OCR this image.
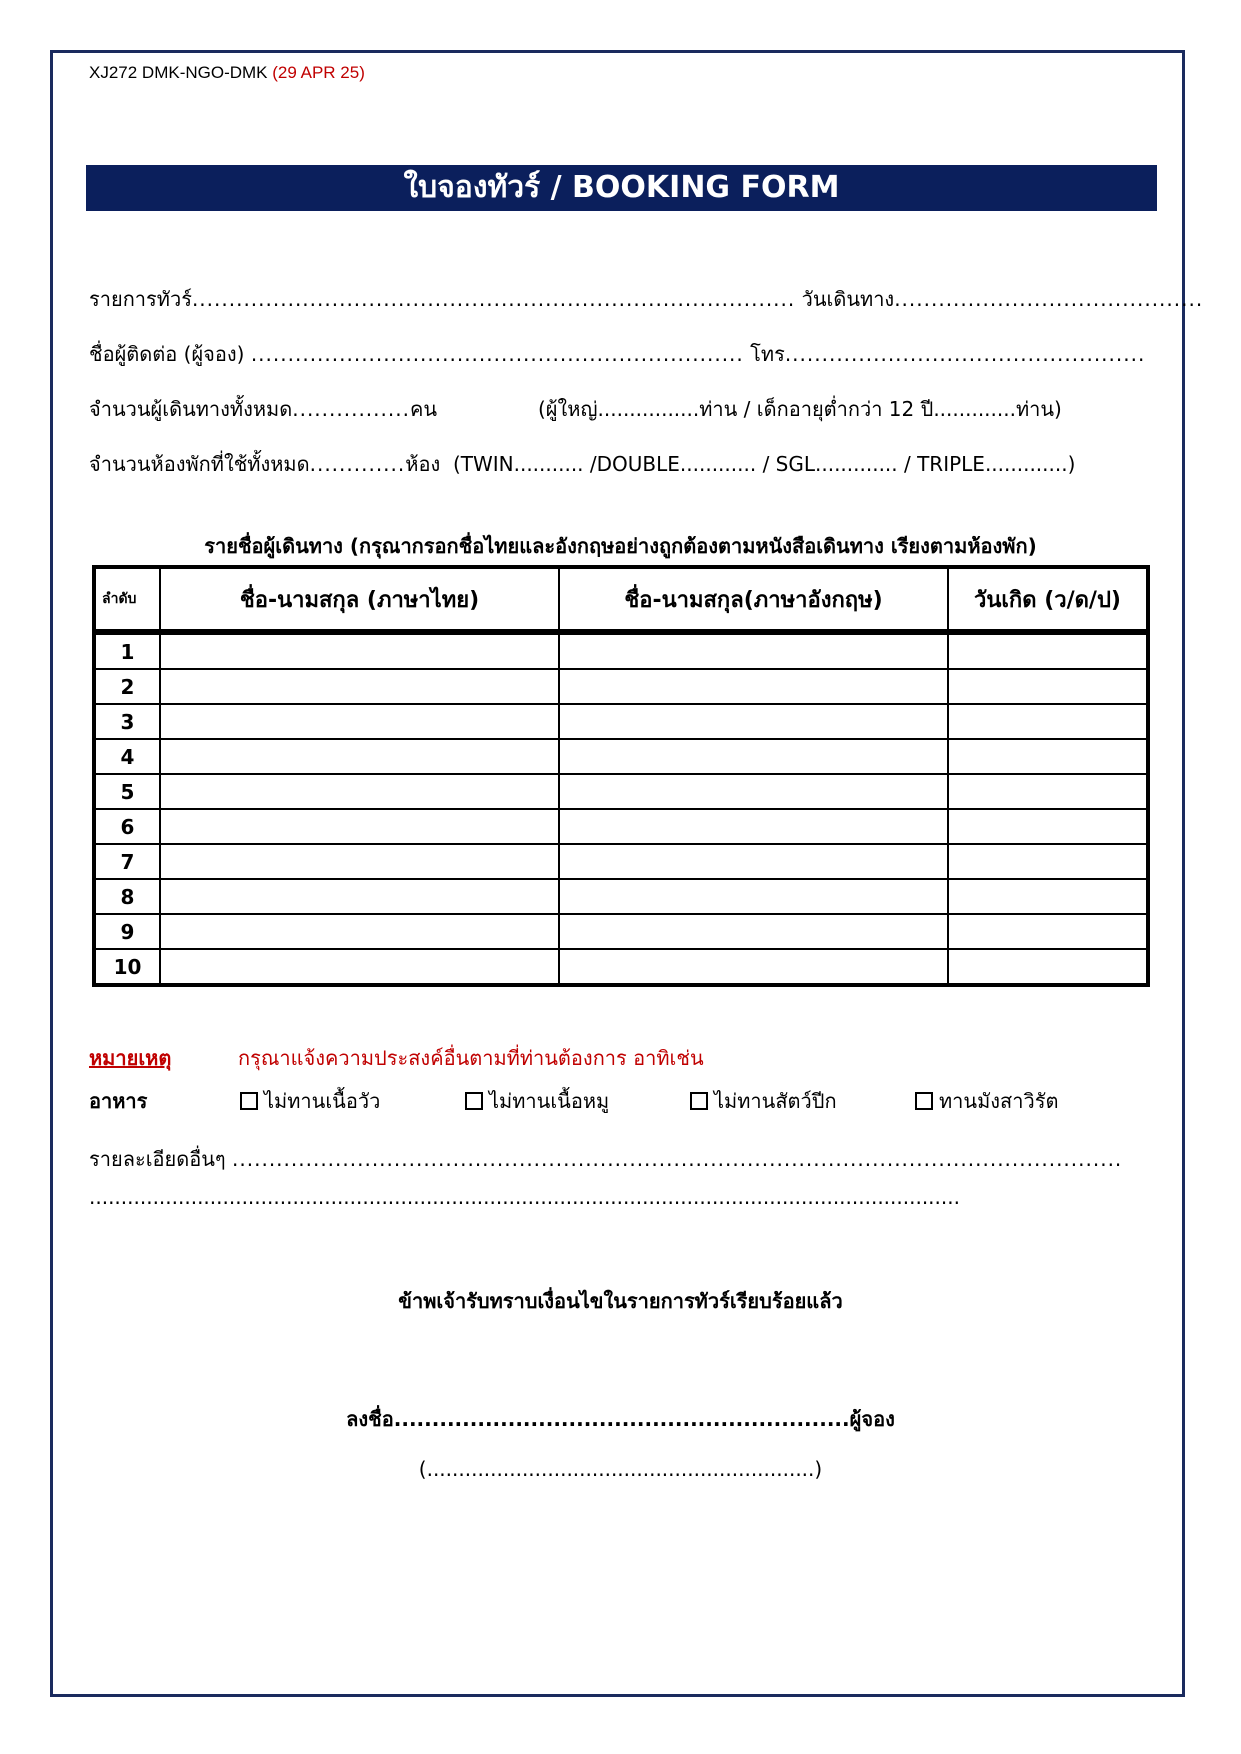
XJ272 DMK-NGO-DMK (29 APR 25)
ใบจองทัวร์ / BOOKING FORM
รายการทัวร์.................................................................................. วันเดินทาง..........................................
ชื่อผู้ติดต่อ (ผู้จอง) ................................................................... โทร.................................................
จำนวนผู้เดินทางทั้งหมด................คน	(ผู้ใหญ่................ท่าน / เด็กอายุต่ำกว่า 12 ปี.............ท่าน)
จำนวนห้องพักที่ใช้ทั้งหมด.............ห้อง (TWIN........... /DOUBLE............ / SGL............. / TRIPLE.............)
รายชื่อผู้เดินทาง (กรุณากรอกชื่อไทยและอังกฤษอย่างถูกต้องตามหนังสือเดินทาง เรียงตามห้องพัก)
ลำดับ	ชื่อ-นามสกุล (ภาษาไทย)	ชื่อ-นามสกุล(ภาษาอังกฤษ)	วันเกิด (ว/ด/ป)
1			
2			
3			
4			
5			
6			
7			
8			
9			
10			
หมายเหตุ	กรุณาแจ้งความประสงค์อื่นตามที่ท่านต้องการ อาทิเช่น
อาหาร	ไม่ทานเนื้อวัว	ไม่ทานเนื้อหมู	ไม่ทานสัตว์ปีก	ทานมังสาวิรัต
รายละเอียดอื่นๆ .........................................................................................................................
.........................................................................................................................................
ข้าพเจ้ารับทราบเงื่อนไขในรายการทัวร์เรียบร้อยแล้ว
ลงชื่อ............................................................ผู้จอง
(.............................................................)
